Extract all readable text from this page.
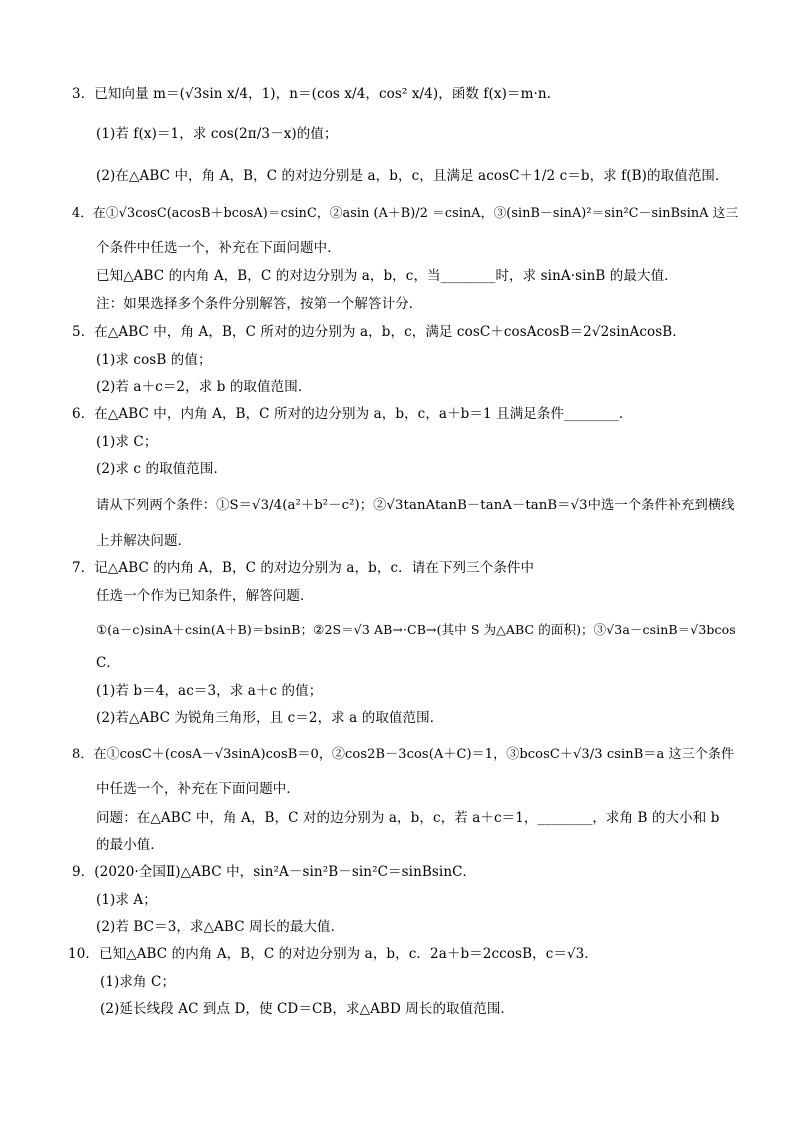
3．已知向量 m＝(√3sin x/4，1)，n＝(cos x/4，cos² x/4)，函数 f(x)＝m·n.
(1)若 f(x)＝1，求 cos(2π/3－x)的值；
(2)在△ABC 中，角 A，B，C 的对边分别是 a，b，c，且满足 acosC＋1/2 c＝b，求 f(B)的取值范围．
4．在①√3cosC(acosB＋bcosA)＝csinC，②asin (A＋B)/2 ＝csinA，③(sinB－sinA)²＝sin²C－sinBsinA 这三
个条件中任选一个，补充在下面问题中．
已知△ABC 的内角 A，B，C 的对边分别为 a，b，c，当________时，求 sinA·sinB 的最大值．
注：如果选择多个条件分别解答，按第一个解答计分．
5．在△ABC 中，角 A，B，C 所对的边分别为 a，b，c，满足 cosC＋cosAcosB＝2√2sinAcosB．
(1)求 cosB 的值；
(2)若 a＋c＝2，求 b 的取值范围．
6．在△ABC 中，内角 A，B，C 所对的边分别为 a，b，c，a＋b＝1 且满足条件________．
(1)求 C；
(2)求 c 的取值范围．
请从下列两个条件：①S＝√3/4(a²＋b²－c²)；②√3tanAtanB－tanA－tanB＝√3中选一个条件补充到横线
上并解决问题．
7．记△ABC 的内角 A，B，C 的对边分别为 a，b，c．请在下列三个条件中
任选一个作为已知条件，解答问题．
①(a－c)sinA＋csin(A＋B)＝bsinB；②2S＝√3 AB→·CB→(其中 S 为△ABC 的面积)；③√3a－csinB＝√3bcos
C．
(1)若 b＝4，ac＝3，求 a＋c 的值；
(2)若△ABC 为锐角三角形，且 c＝2，求 a 的取值范围．
8．在①cosC＋(cosA－√3sinA)cosB＝0，②cos2B－3cos(A＋C)＝1，③bcosC＋√3/3 csinB＝a 这三个条件
中任选一个，补充在下面问题中．
问题：在△ABC 中，角 A，B，C 对的边分别为 a，b，c，若 a＋c＝1，________，求角 B 的大小和 b
的最小值．
9．(2020·全国Ⅱ)△ABC 中，sin²A－sin²B－sin²C＝sinBsinC．
(1)求 A；
(2)若 BC＝3，求△ABC 周长的最大值．
10．已知△ABC 的内角 A，B，C 的对边分别为 a，b，c．2a＋b＝2ccosB，c＝√3．
(1)求角 C；
(2)延长线段 AC 到点 D，使 CD＝CB，求△ABD 周长的取值范围．
